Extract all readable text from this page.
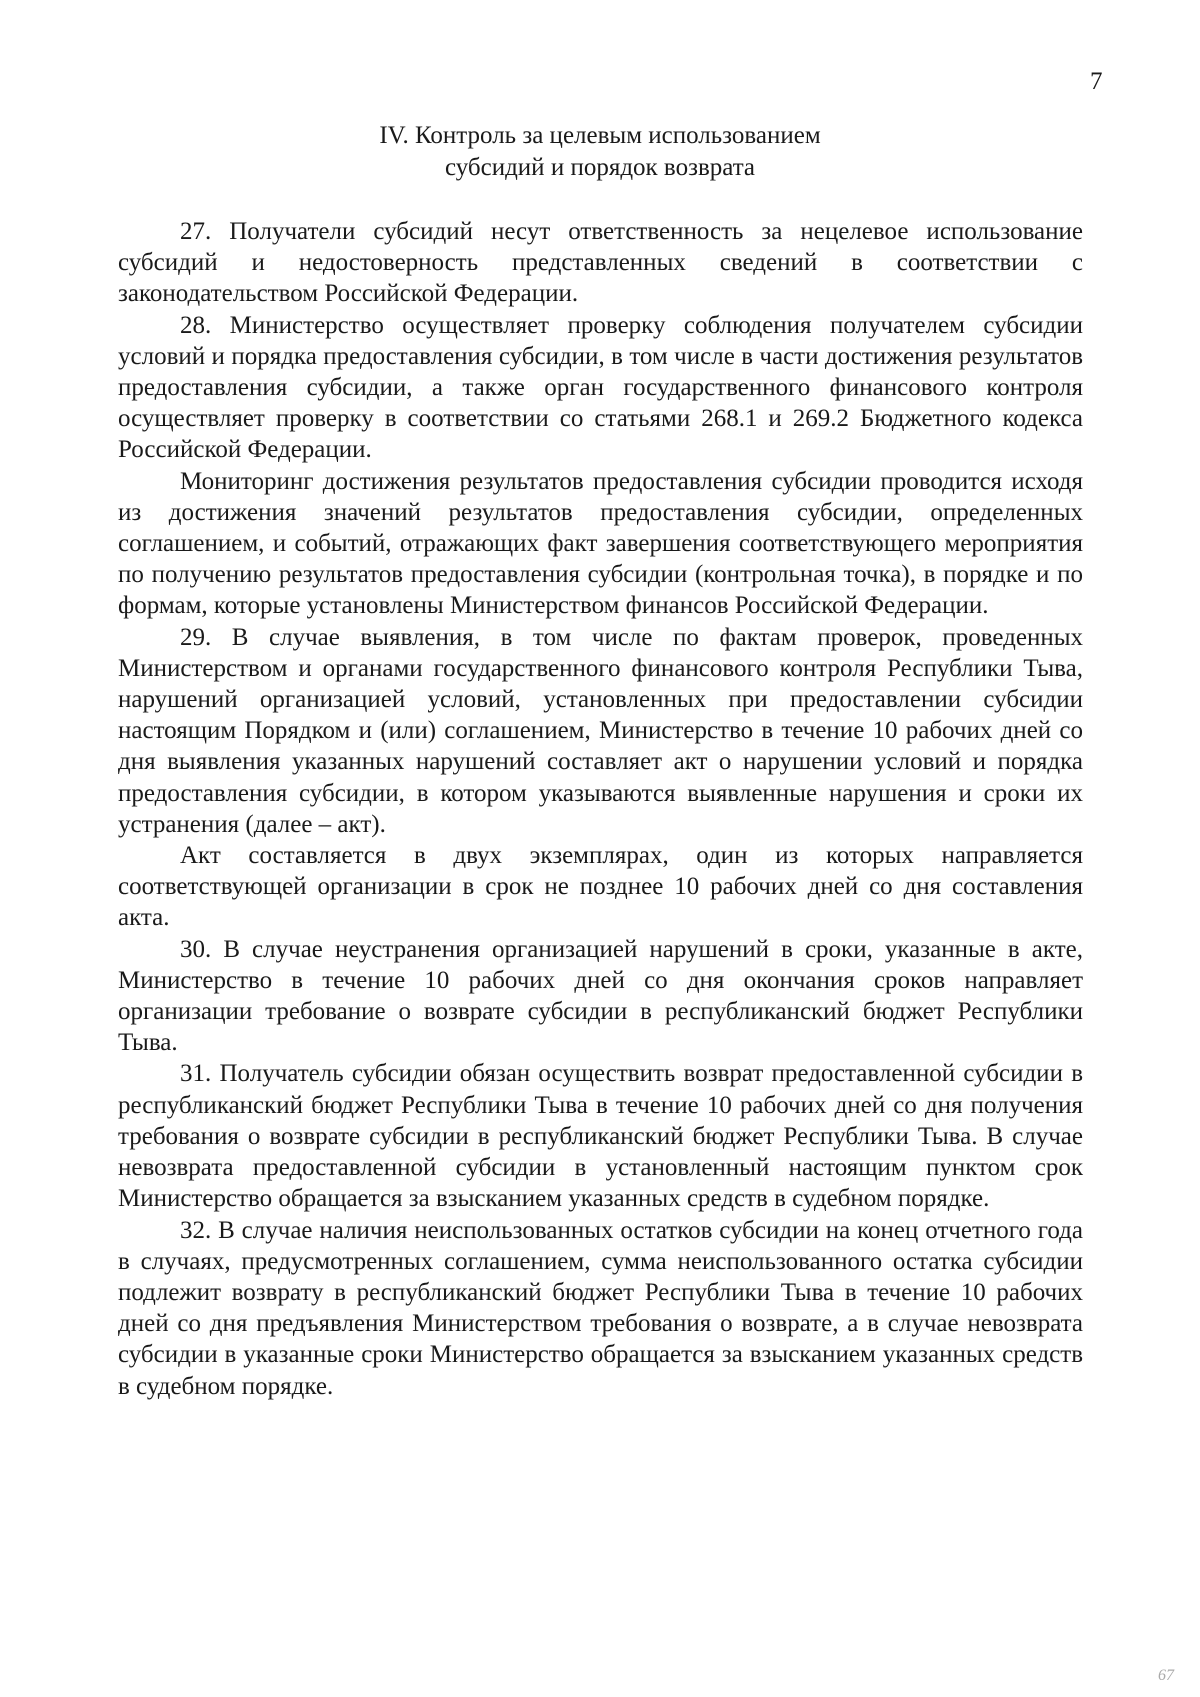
7
IV. Контроль за целевым использованием
субсидий и порядок возврата

27. Получатели субсидий несут ответственность за нецелевое использование субсидий и недостоверность представленных сведений в соответствии с законодательством Российской Федерации.

28. Министерство осуществляет проверку соблюдения получателем субсидии условий и порядка предоставления субсидии, в том числе в части достижения результатов предоставления субсидии, а также орган государственного финансового контроля осуществляет проверку в соответствии со статьями 268.1 и 269.2 Бюджетного кодекса Российской Федерации.

Мониторинг достижения результатов предоставления субсидии проводится исходя из достижения значений результатов предоставления субсидии, определенных соглашением, и событий, отражающих факт завершения соответствующего мероприятия по получению результатов предоставления субсидии (контрольная точка), в порядке и по формам, которые установлены Министерством финансов Российской Федерации.

29. В случае выявления, в том числе по фактам проверок, проведенных Министерством и органами государственного финансового контроля Республики Тыва, нарушений организацией условий, установленных при предоставлении субсидии настоящим Порядком и (или) соглашением, Министерство в течение 10 рабочих дней со дня выявления указанных нарушений составляет акт о нарушении условий и порядка предоставления субсидии, в котором указываются выявленные нарушения и сроки их устранения (далее – акт).

Акт составляется в двух экземплярах, один из которых направляется соответствующей организации в срок не позднее 10 рабочих дней со дня составления акта.

30. В случае неустранения организацией нарушений в сроки, указанные в акте, Министерство в течение 10 рабочих дней со дня окончания сроков направляет организации требование о возврате субсидии в республиканский бюджет Республики Тыва.

31. Получатель субсидии обязан осуществить возврат предоставленной субсидии в республиканский бюджет Республики Тыва в течение 10 рабочих дней со дня получения требования о возврате субсидии в республиканский бюджет Республики Тыва. В случае невозврата предоставленной субсидии в установленный настоящим пунктом срок Министерство обращается за взысканием указанных средств в судебном порядке.

32. В случае наличия неиспользованных остатков субсидии на конец отчетного года в случаях, предусмотренных соглашением, сумма неиспользованного остатка субсидии подлежит возврату в республиканский бюджет Республики Тыва в течение 10 рабочих дней со дня предъявления Министерством требования о возврате, а в случае невозврата субсидии в указанные сроки Министерство обращается за взысканием указанных средств в судебном порядке.

67
